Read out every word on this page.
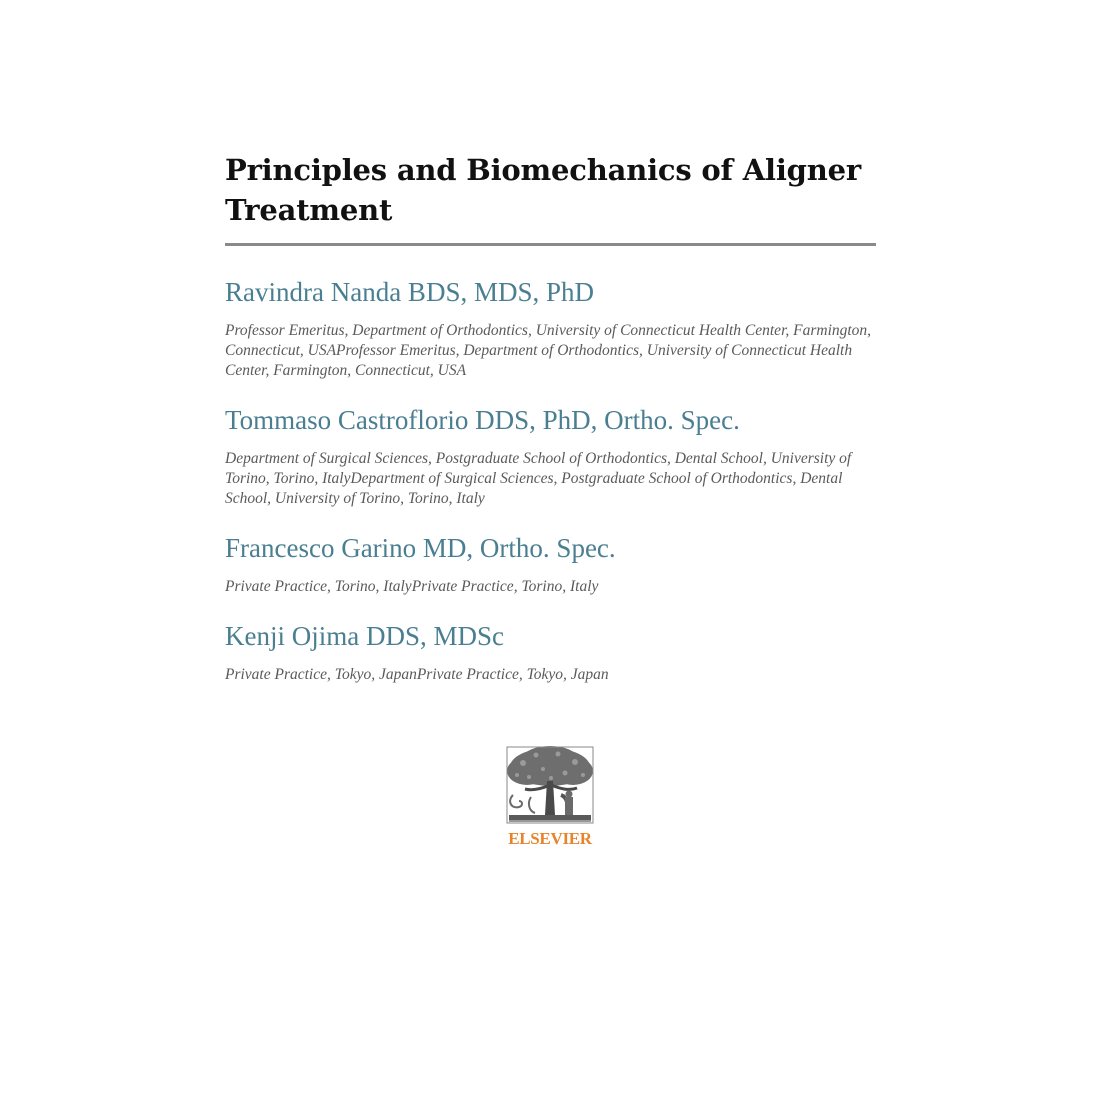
Principles and Biomechanics of Aligner Treatment

Ravindra Nanda BDS, MDS, PhD

Professor Emeritus, Department of Orthodontics, University of Connecticut Health Center, Farmington, Connecticut, USAProfessor Emeritus, Department of Orthodontics, University of Connecticut Health Center, Farmington, Connecticut, USA

Tommaso Castroflorio DDS, PhD, Ortho. Spec.

Department of Surgical Sciences, Postgraduate School of Orthodontics, Dental School, University of Torino, Torino, ItalyDepartment of Surgical Sciences, Postgraduate School of Orthodontics, Dental School, University of Torino, Torino, Italy

Francesco Garino MD, Ortho. Spec.

Private Practice, Torino, ItalyPrivate Practice, Torino, Italy

Kenji Ojima DDS, MDSc

Private Practice, Tokyo, JapanPrivate Practice, Tokyo, Japan

ELSEVIER
